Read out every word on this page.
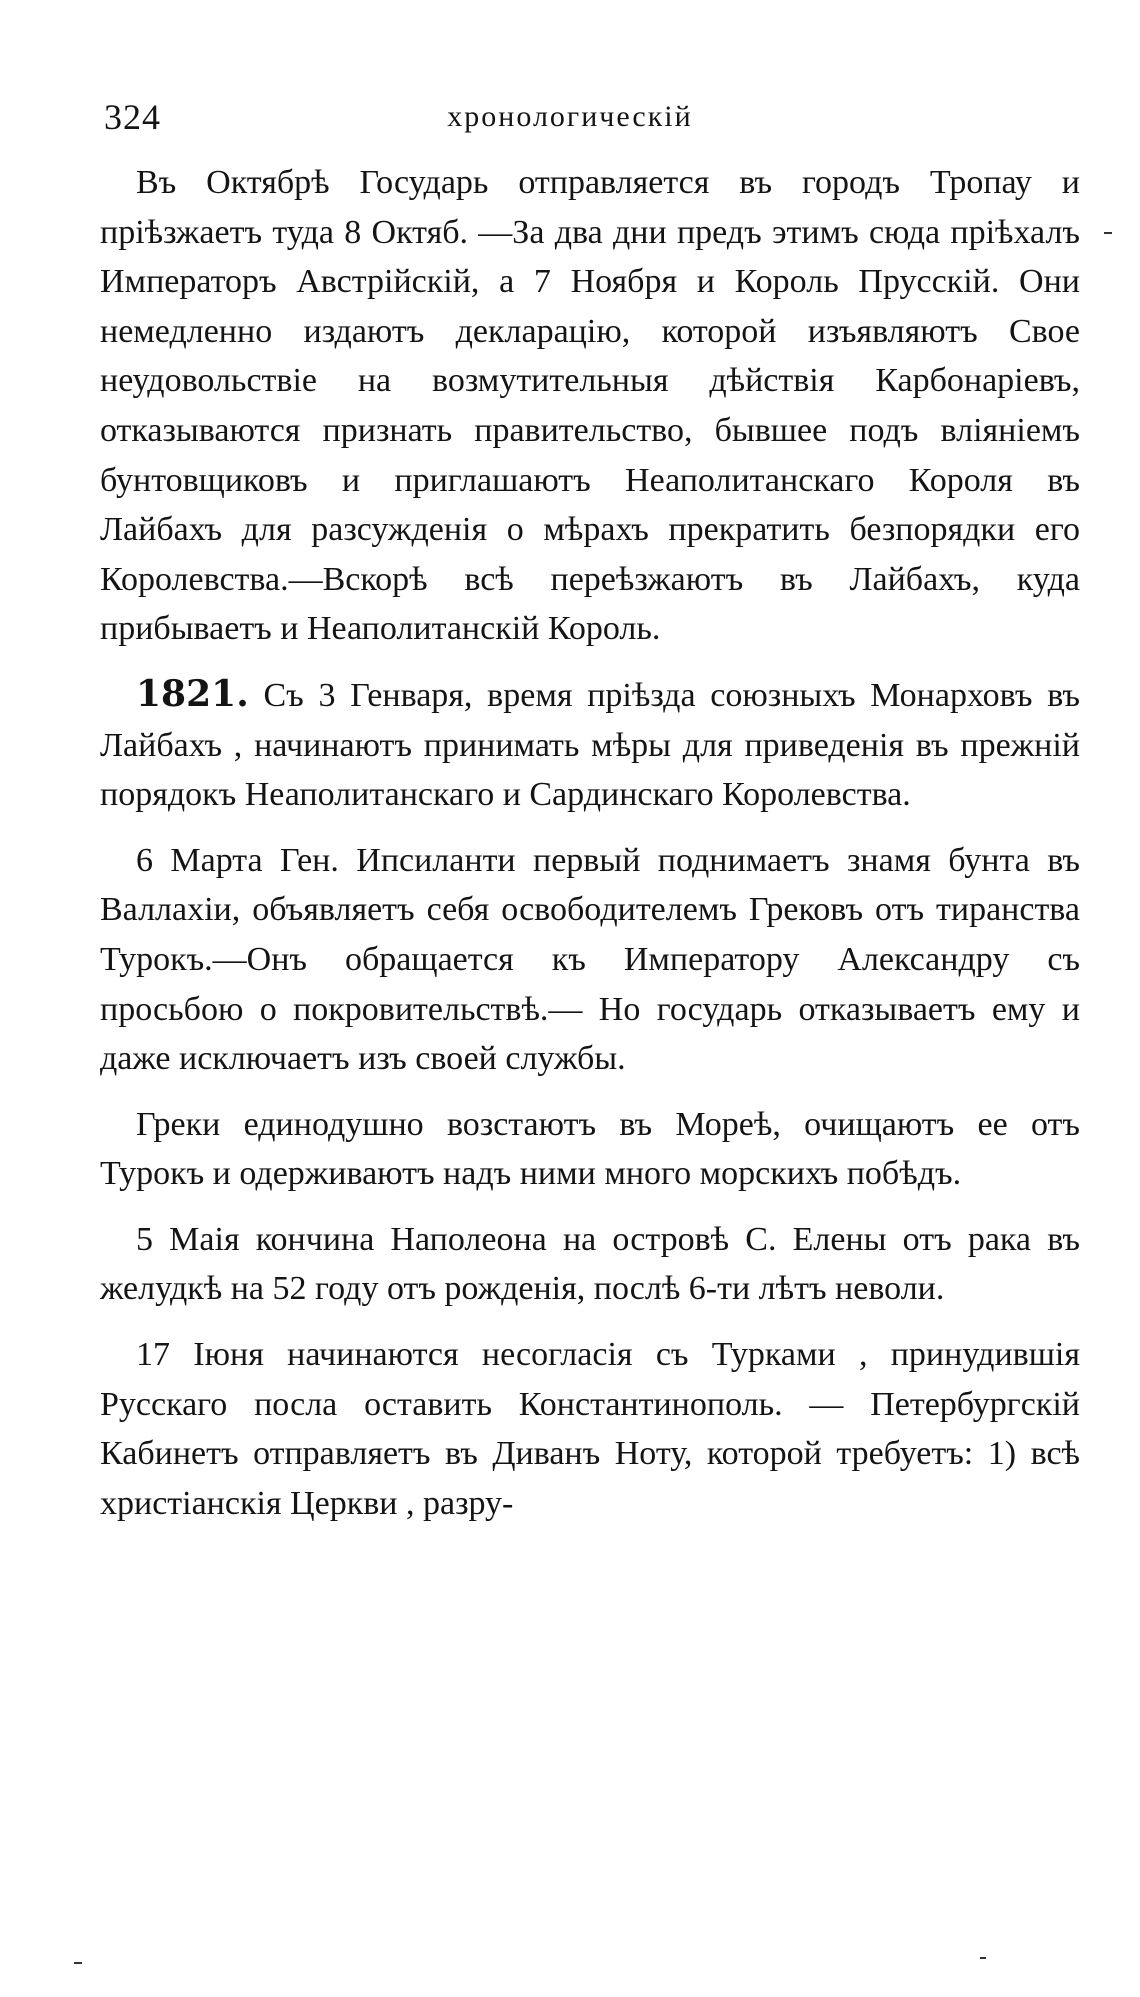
324	хронологическій

Въ Октябрѣ Государь отправляется въ городъ Тропау и пріѣзжаетъ туда 8 Октяб. —За два дни предъ этимъ сюда пріѣхалъ Императоръ Австрійскій, а 7 Ноября и Король Прусскій. Они немедленно издаютъ декларацію, которой изъявляютъ Свое неудовольствіе на возмутительныя дѣйствія Карбонаріевъ, отказываются признать правительство, бывшее подъ вліяніемъ бунтовщиковъ и приглашаютъ Неаполитанскаго Короля въ Лайбахъ для разсужденія о мѣрахъ прекратить безпорядки его Королевства.—Вскорѣ всѣ переѣзжаютъ въ Лайбахъ, куда прибываетъ и Неаполитанскій Король.

1821. Съ 3 Генваря, время пріѣзда союзныхъ Монарховъ въ Лайбахъ , начинаютъ принимать мѣры для приведенія въ прежній порядокъ Неаполитанскаго и Сардинскаго Королевства.

6 Марта Ген. Ипсиланти первый поднимаетъ знамя бунта въ Валлахіи, объявляетъ себя освободителемъ Грековъ отъ тиранства Турокъ.—Онъ обращается къ Императору Александру съ просьбою о покровительствѣ.— Но государь отказываетъ ему и даже исключаетъ изъ своей службы.

Греки единодушно возстаютъ въ Мореѣ, очищаютъ ее отъ Турокъ и одерживаютъ надъ ними много морскихъ побѣдъ.

5 Маія кончина Наполеона на островѣ С. Елены отъ рака въ желудкѣ на 52 году отъ рожденія, послѣ 6-ти лѣтъ неволи.

17 Іюня начинаются несогласія съ Турками , принудившія Русскаго посла оставить Константинополь. — Петербургскій Кабинетъ отправляетъ въ Диванъ Ноту, которой требуетъ: 1) всѣ христіанскія Церкви , разру-
